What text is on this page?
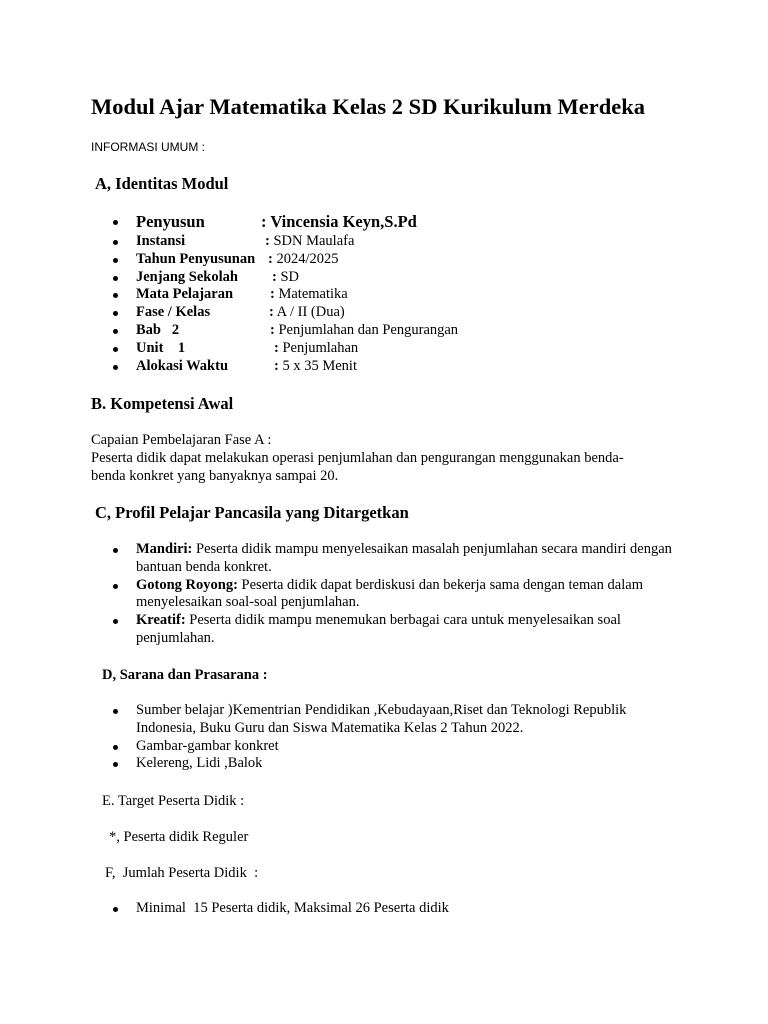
Modul Ajar Matematika Kelas 2 SD Kurikulum Merdeka
INFORMASI UMUM :
A, Identitas Modul
Penyusun	: Vincensia Keyn,S.Pd
Instansi	: SDN Maulafa
Tahun Penyusunan : 2024/2025
Jenjang Sekolah : SD
Mata Pelajaran	: Matematika
Fase / Kelas	: A / II (Dua)
Bab   2	: Penjumlahan dan Pengurangan
Unit    1	: Penjumlahan
Alokasi Waktu	: 5 x 35 Menit
B. Kompetensi Awal
Capaian Pembelajaran Fase A :
Peserta didik dapat melakukan operasi penjumlahan dan pengurangan menggunakan benda-
benda konkret yang banyaknya sampai 20.
C, Profil Pelajar Pancasila yang Ditargetkan
Mandiri: Peserta didik mampu menyelesaikan masalah penjumlahan secara mandiri dengan bantuan benda konkret.
Gotong Royong: Peserta didik dapat berdiskusi dan bekerja sama dengan teman dalam menyelesaikan soal-soal penjumlahan.
Kreatif: Peserta didik mampu menemukan berbagai cara untuk menyelesaikan soal penjumlahan.
D, Sarana dan Prasarana :
Sumber belajar )Kementrian Pendidikan ,Kebudayaan,Riset dan Teknologi Republik Indonesia, Buku Guru dan Siswa Matematika Kelas 2 Tahun 2022.
Gambar-gambar konkret
Kelereng, Lidi ,Balok
E. Target Peserta Didik :
*, Peserta didik Reguler
F,  Jumlah Peserta Didik  :
Minimal  15 Peserta didik, Maksimal 26 Peserta didik
